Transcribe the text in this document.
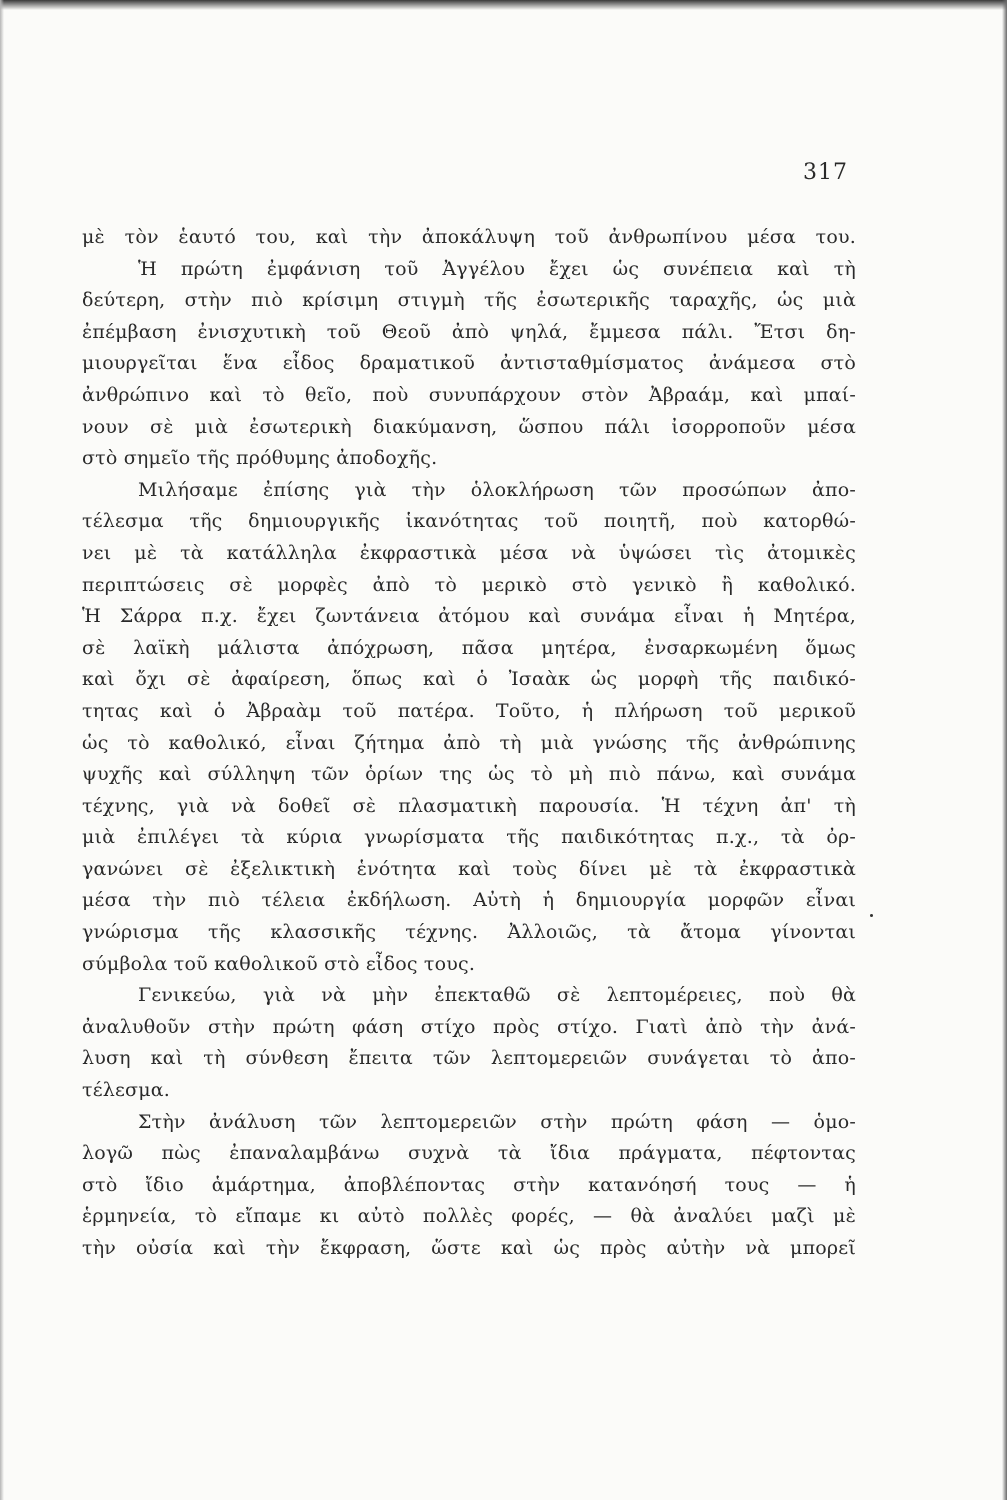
317
μὲ τὸν ἑαυτό του, καὶ τὴν ἀποκάλυψη τοῦ ἀνθρωπίνου μέσα του.
Ἡ πρώτη ἐμφάνιση τοῦ Ἀγγέλου ἔχει ὡς συνέπεια καὶ τὴ
δεύτερη, στὴν πιὸ κρίσιμη στιγμὴ τῆς ἐσωτερικῆς ταραχῆς, ὡς μιὰ
ἐπέμβαση ἐνισχυτικὴ τοῦ Θεοῦ ἀπὸ ψηλά, ἔμμεσα πάλι. Ἔτσι δη-
μιουργεῖται ἕνα εἶδος δραματικοῦ ἀντισταθμίσματος ἀνάμεσα στὸ
ἀνθρώπινο καὶ τὸ θεῖο, ποὺ συνυπάρχουν στὸν Ἀβραάμ, καὶ μπαί-
νουν σὲ μιὰ ἐσωτερικὴ διακύμανση, ὥσπου πάλι ἰσορροποῦν μέσα
στὸ σημεῖο τῆς πρόθυμης ἀποδοχῆς.
Μιλήσαμε ἐπίσης γιὰ τὴν ὁλοκλήρωση τῶν προσώπων ἀπο-
τέλεσμα τῆς δημιουργικῆς ἱκανότητας τοῦ ποιητῆ, ποὺ κατορθώ-
νει μὲ τὰ κατάλληλα ἐκφραστικὰ μέσα νὰ ὑψώσει τὶς ἀτομικὲς
περιπτώσεις σὲ μορφὲς ἀπὸ τὸ μερικὸ στὸ γενικὸ ἢ καθολικό.
Ἡ Σάρρα π.χ. ἔχει ζωντάνεια ἀτόμου καὶ συνάμα εἶναι ἡ Μητέρα,
σὲ λαϊκὴ μάλιστα ἀπόχρωση, πᾶσα μητέρα, ἐνσαρκωμένη ὅμως
καὶ ὄχι σὲ ἀφαίρεση, ὅπως καὶ ὁ Ἰσαὰκ ὡς μορφὴ τῆς παιδικό-
τητας καὶ ὁ Ἀβραὰμ τοῦ πατέρα. Τοῦτο, ἡ πλήρωση τοῦ μερικοῦ
ὡς τὸ καθολικό, εἶναι ζήτημα ἀπὸ τὴ μιὰ γνώσης τῆς ἀνθρώπινης
ψυχῆς καὶ σύλληψη τῶν ὁρίων της ὡς τὸ μὴ πιὸ πάνω, καὶ συνάμα
τέχνης, γιὰ νὰ δοθεῖ σὲ πλασματικὴ παρουσία. Ἡ τέχνη ἀπ' τὴ
μιὰ ἐπιλέγει τὰ κύρια γνωρίσματα τῆς παιδικότητας π.χ., τὰ ὀρ-
γανώνει σὲ ἐξελικτικὴ ἑνότητα καὶ τοὺς δίνει μὲ τὰ ἐκφραστικὰ
μέσα τὴν πιὸ τέλεια ἐκδήλωση. Αὐτὴ ἡ δημιουργία μορφῶν εἶναι
γνώρισμα τῆς κλασσικῆς τέχνης. Ἀλλοιῶς, τὰ ἄτομα γίνονται
σύμβολα τοῦ καθολικοῦ στὸ εἶδος τους.
Γενικεύω, γιὰ νὰ μὴν ἐπεκταθῶ σὲ λεπτομέρειες, ποὺ θὰ
ἀναλυθοῦν στὴν πρώτη φάση στίχο πρὸς στίχο. Γιατὶ ἀπὸ τὴν ἀνά-
λυση καὶ τὴ σύνθεση ἔπειτα τῶν λεπτομερειῶν συνάγεται τὸ ἀπο-
τέλεσμα.
Στὴν ἀνάλυση τῶν λεπτομερειῶν στὴν πρώτη φάση — ὁμο-
λογῶ πὼς ἐπαναλαμβάνω συχνὰ τὰ ἴδια πράγματα, πέφτοντας
στὸ ἴδιο ἁμάρτημα, ἀποβλέποντας στὴν κατανόησή τους — ἡ
ἑρμηνεία, τὸ εἴπαμε κι αὐτὸ πολλὲς φορές, — θὰ ἀναλύει μαζὶ μὲ
τὴν οὐσία καὶ τὴν ἔκφραση, ὥστε καὶ ὡς πρὸς αὐτὴν νὰ μπορεῖ
